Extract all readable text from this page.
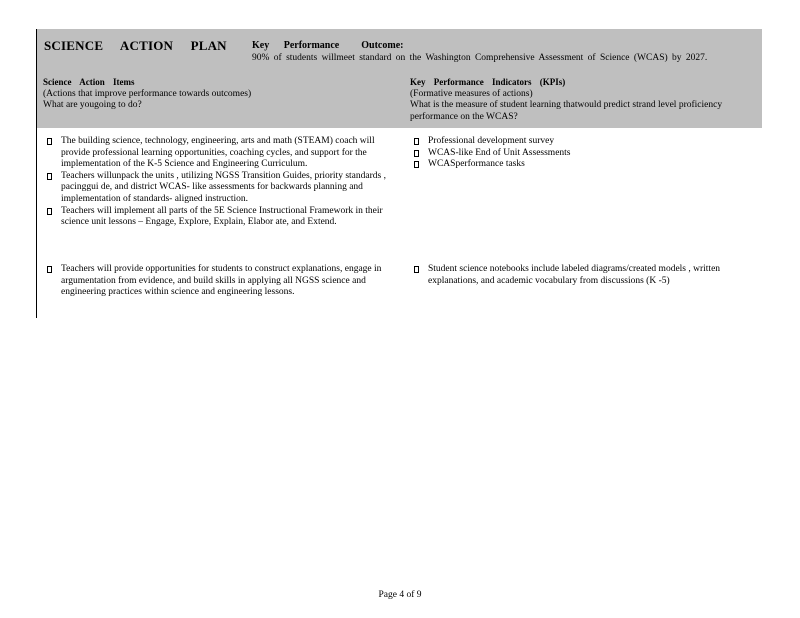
SCIENCE ACTION PLAN	Key Performance Outcome:
90% of students willmeet standard on the Washington Comprehensive Assessment of Science (WCAS) by 2027.
Science Action Items
(Actions that improve performance towards outcomes)
What are yougoing to do?
Key Performance Indicators (KPIs)
(Formative measures of actions)
What is the measure of student learning thatwould predict strand level proficiency performance on the WCAS?
The building science, technology, engineering, arts and math (STEAM) coach will provide professional learning opportunities, coaching cycles, and support for the implementation of the K-5 Science and Engineering Curriculum.
Teachers willunpack the units , utilizing NGSS Transition Guides, priority standards , pacinggui de, and district WCAS- like assessments for backwards planning and implementation of standards- aligned instruction.
Teachers will implement all parts of the 5E Science Instructional Framework in their science unit lessons – Engage, Explore, Explain, Elabor ate, and Extend.
Professional development survey
WCAS-like End of Unit Assessments
WCASperformance tasks
Teachers will provide opportunities for students to construct explanations, engage in argumentation from evidence, and build skills in applying all NGSS science and engineering practices within science and engineering lessons.
Student science notebooks include labeled diagrams/created models , written explanations, and academic vocabulary from discussions (K -5)
Page 4 of 9
